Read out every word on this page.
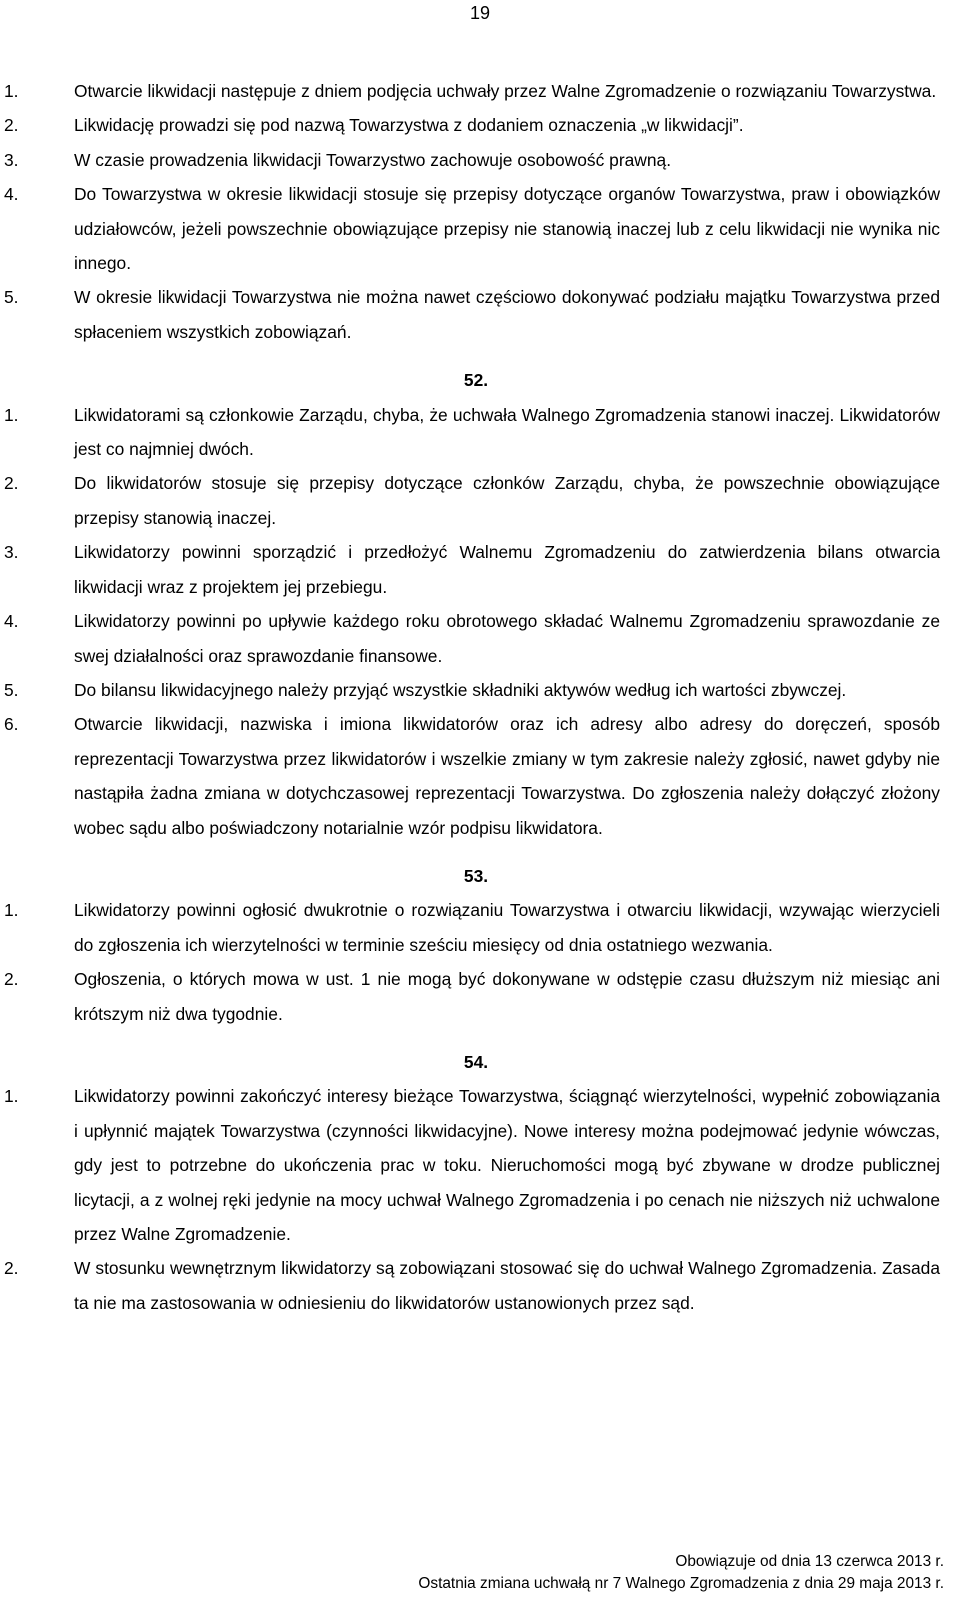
19
1.	Otwarcie likwidacji następuje z dniem podjęcia uchwały przez Walne Zgromadzenie o rozwiązaniu Towarzystwa.
2.	Likwidację prowadzi się pod nazwą Towarzystwa z dodaniem oznaczenia „w likwidacji”.
3.	W czasie prowadzenia likwidacji Towarzystwo zachowuje osobowość prawną.
4.	Do Towarzystwa w okresie likwidacji stosuje się przepisy dotyczące organów Towarzystwa, praw i obowiązków udziałowców, jeżeli powszechnie obowiązujące przepisy nie stanowią inaczej lub z celu likwidacji nie wynika nic innego.
5.	W okresie likwidacji Towarzystwa nie można nawet częściowo dokonywać podziału majątku Towarzystwa przed spłaceniem wszystkich zobowiązań.
52.
1.	Likwidatorami są członkowie Zarządu, chyba, że uchwała Walnego Zgromadzenia stanowi inaczej. Likwidatorów jest co najmniej dwóch.
2.	Do likwidatorów stosuje się przepisy dotyczące członków Zarządu, chyba, że powszechnie obowiązujące przepisy stanowią inaczej.
3.	Likwidatorzy powinni sporządzić i przedłożyć Walnemu Zgromadzeniu do zatwierdzenia bilans otwarcia likwidacji wraz z projektem jej przebiegu.
4.	Likwidatorzy powinni po upływie każdego roku obrotowego składać Walnemu Zgromadzeniu sprawozdanie ze swej działalności oraz sprawozdanie finansowe.
5.	Do bilansu likwidacyjnego należy przyjąć wszystkie składniki aktywów według ich wartości zbywczej.
6.	Otwarcie likwidacji, nazwiska i imiona likwidatorów oraz ich adresy albo adresy do doręczeń, sposób reprezentacji Towarzystwa przez likwidatorów i wszelkie zmiany w tym zakresie należy zgłosić, nawet gdyby nie nastąpiła żadna zmiana w dotychczasowej reprezentacji Towarzystwa. Do zgłoszenia należy dołączyć złożony wobec sądu albo poświadczony notarialnie wzór podpisu likwidatora.
53.
1.	Likwidatorzy powinni ogłosić dwukrotnie o rozwiązaniu Towarzystwa i otwarciu likwidacji, wzywając wierzycieli do zgłoszenia ich wierzytelności w terminie sześciu miesięcy od dnia ostatniego wezwania.
2.	Ogłoszenia, o których mowa w ust. 1 nie mogą być dokonywane w odstępie czasu dłuższym niż miesiąc ani krótszym niż dwa tygodnie.
54.
1.	Likwidatorzy powinni zakończyć interesy bieżące Towarzystwa, ściągnąć wierzytelności, wypełnić zobowiązania i upłynnić majątek Towarzystwa (czynności likwidacyjne). Nowe interesy można podejmować jedynie wówczas, gdy jest to potrzebne do ukończenia prac w toku. Nieruchomości mogą być zbywane w drodze publicznej licytacji, a z wolnej ręki jedynie na mocy uchwał Walnego Zgromadzenia i po cenach nie niższych niż uchwalone przez Walne Zgromadzenie.
2.	W stosunku wewnętrznym likwidatorzy są zobowiązani stosować się do uchwał Walnego Zgromadzenia. Zasada ta nie ma zastosowania w odniesieniu do likwidatorów ustanowionych przez sąd.
Obowiązuje od dnia 13 czerwca 2013 r.
Ostatnia zmiana uchwałą nr 7 Walnego Zgromadzenia z dnia 29 maja 2013 r.
